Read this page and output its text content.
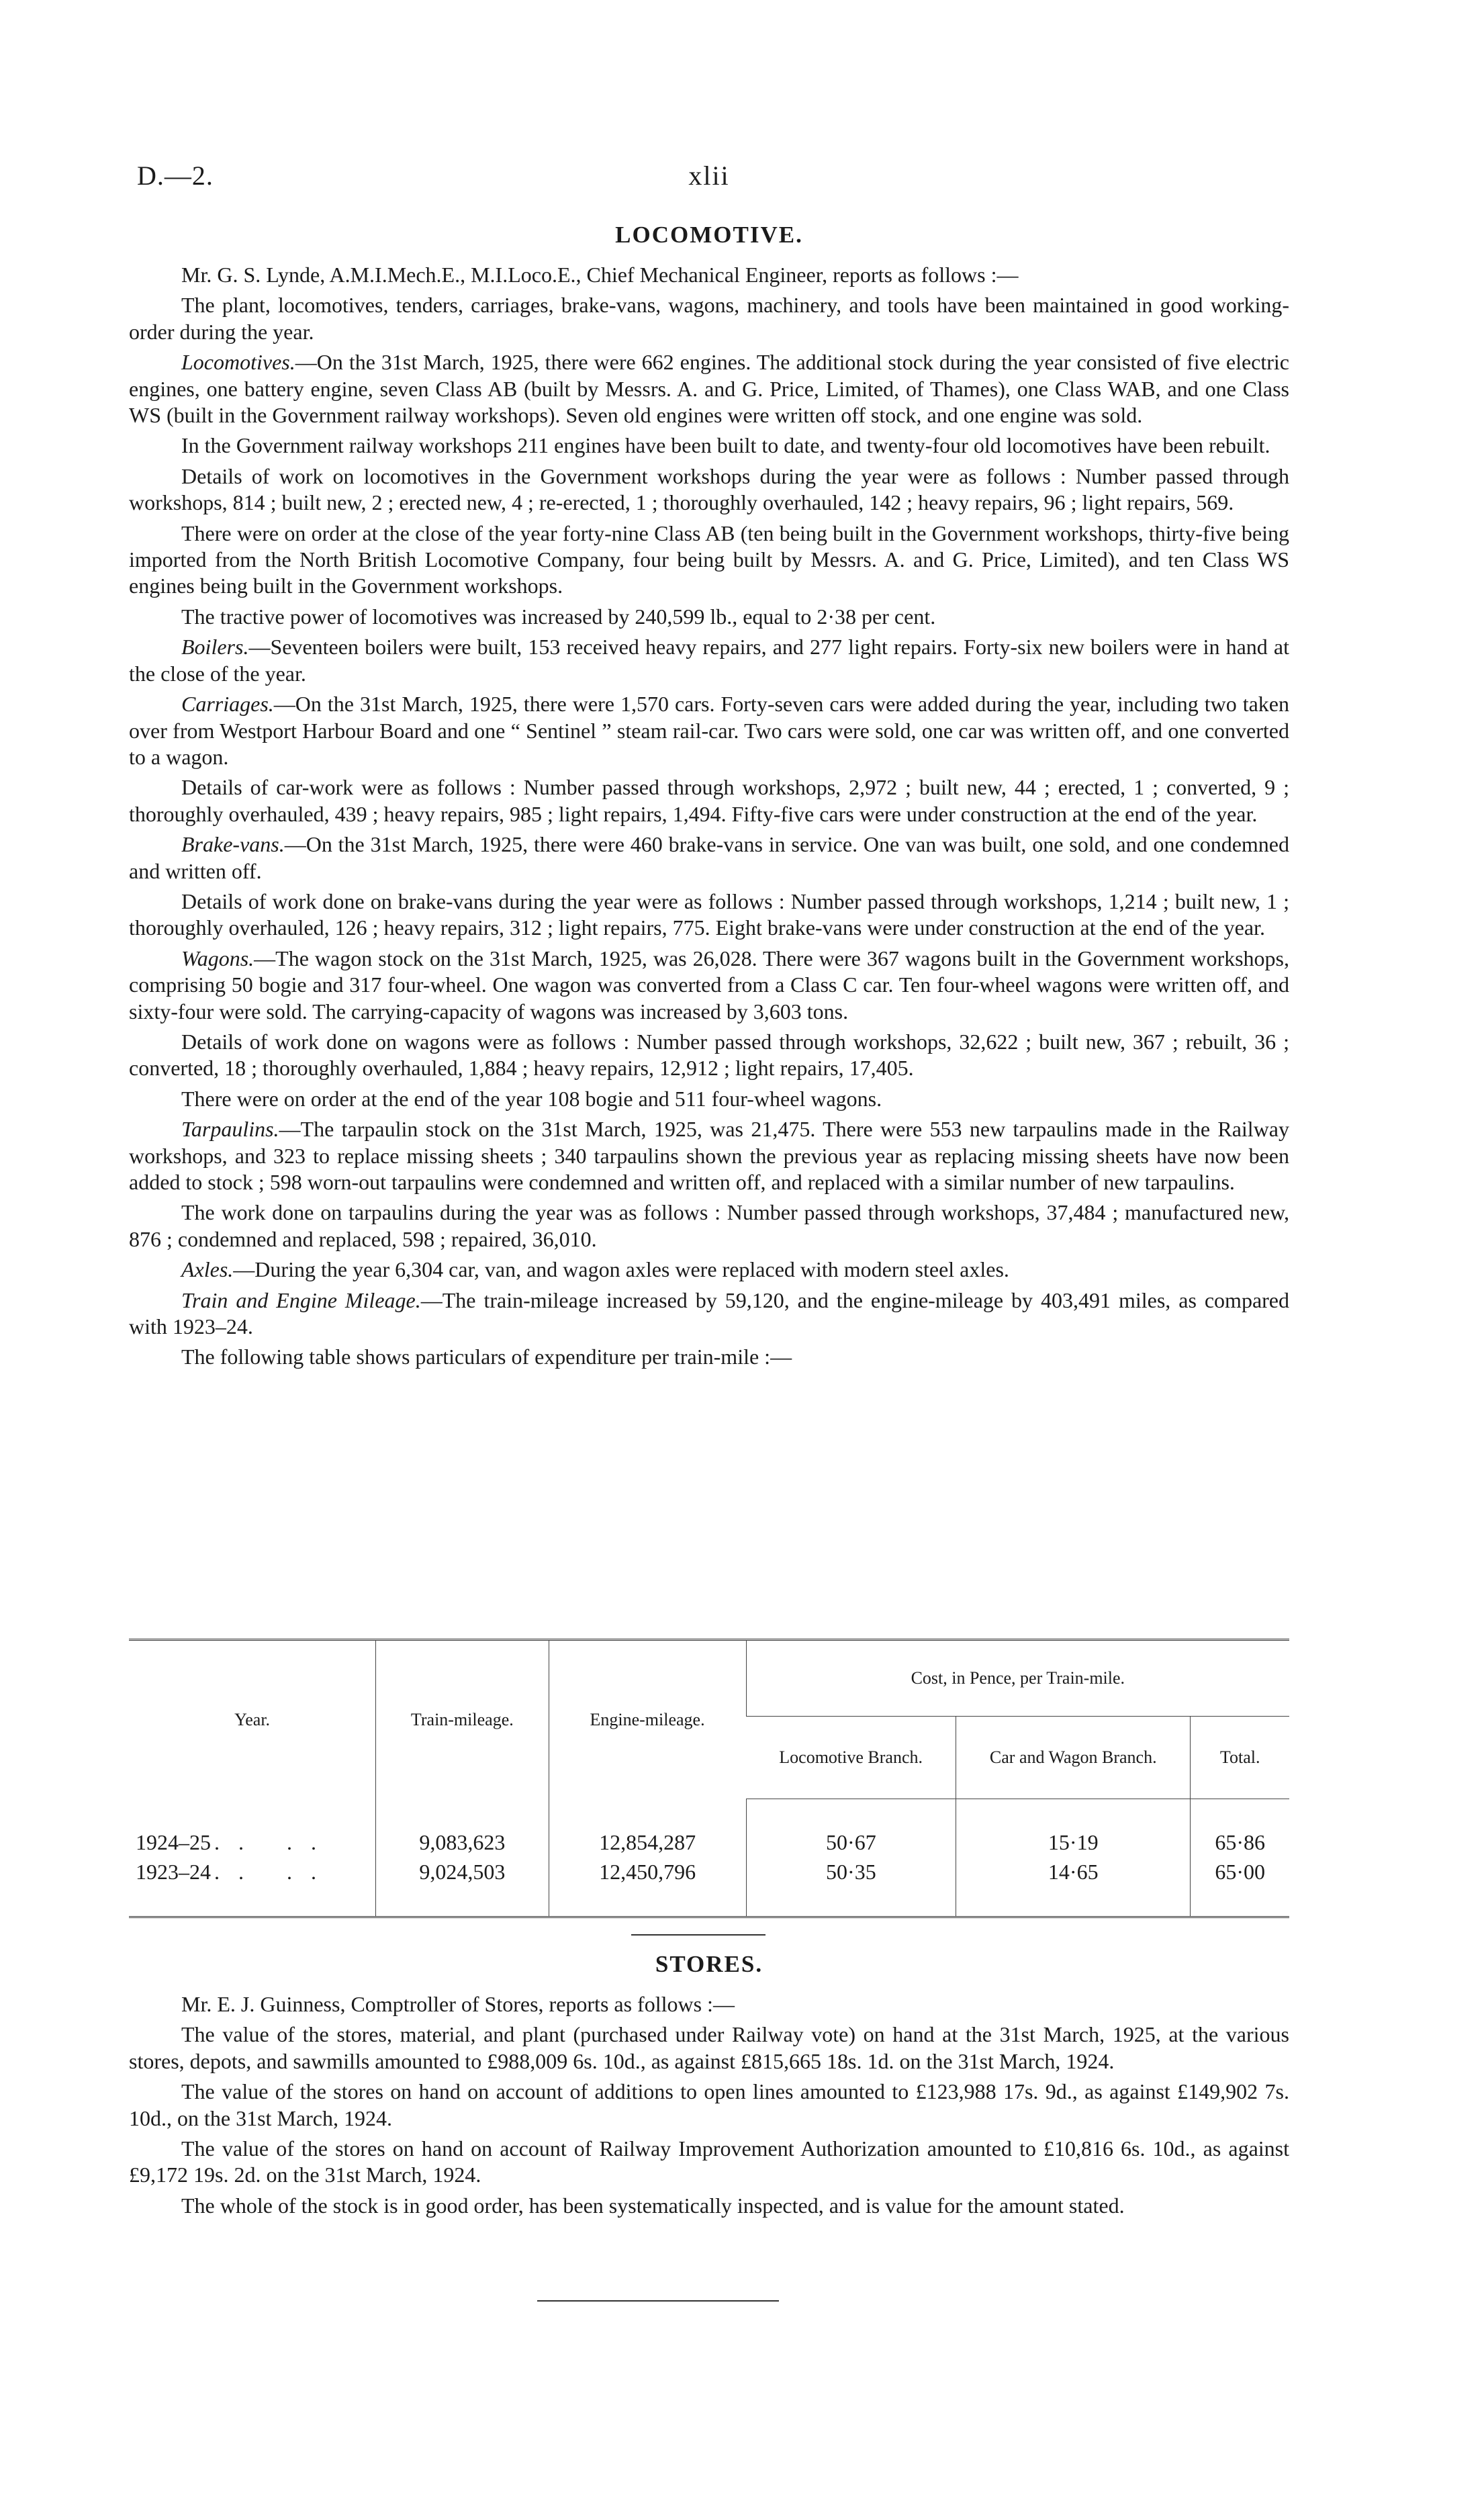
D.—2.	xlii
LOCOMOTIVE.

Mr. G. S. Lynde, A.M.I.Mech.E., M.I.Loco.E., Chief Mechanical Engineer, reports as follows :—

The plant, locomotives, tenders, carriages, brake-vans, wagons, machinery, and tools have been maintained in good working-order during the year.

Locomotives.—On the 31st March, 1925, there were 662 engines. The additional stock during the year consisted of five electric engines, one battery engine, seven Class AB (built by Messrs. A. and G. Price, Limited, of Thames), one Class WAB, and one Class WS (built in the Government railway workshops). Seven old engines were written off stock, and one engine was sold.

In the Government railway workshops 211 engines have been built to date, and twenty-four old locomotives have been rebuilt.

Details of work on locomotives in the Government workshops during the year were as follows : Number passed through workshops, 814 ; built new, 2 ; erected new, 4 ; re-erected, 1 ; thoroughly overhauled, 142 ; heavy repairs, 96 ; light repairs, 569.

There were on order at the close of the year forty-nine Class AB (ten being built in the Government workshops, thirty-five being imported from the North British Locomotive Company, four being built by Messrs. A. and G. Price, Limited), and ten Class WS engines being built in the Government workshops.

The tractive power of locomotives was increased by 240,599 lb., equal to 2·38 per cent.

Boilers.—Seventeen boilers were built, 153 received heavy repairs, and 277 light repairs. Forty-six new boilers were in hand at the close of the year.

Carriages.—On the 31st March, 1925, there were 1,570 cars. Forty-seven cars were added during the year, including two taken over from Westport Harbour Board and one “ Sentinel ” steam rail-car. Two cars were sold, one car was written off, and one converted to a wagon.

Details of car-work were as follows : Number passed through workshops, 2,972 ; built new, 44 ; erected, 1 ; converted, 9 ; thoroughly overhauled, 439 ; heavy repairs, 985 ; light repairs, 1,494. Fifty-five cars were under construction at the end of the year.

Brake-vans.—On the 31st March, 1925, there were 460 brake-vans in service. One van was built, one sold, and one condemned and written off.

Details of work done on brake-vans during the year were as follows : Number passed through workshops, 1,214 ; built new, 1 ; thoroughly overhauled, 126 ; heavy repairs, 312 ; light repairs, 775. Eight brake-vans were under construction at the end of the year.

Wagons.—The wagon stock on the 31st March, 1925, was 26,028. There were 367 wagons built in the Government workshops, comprising 50 bogie and 317 four-wheel. One wagon was converted from a Class C car. Ten four-wheel wagons were written off, and sixty-four were sold. The carrying-capacity of wagons was increased by 3,603 tons.

Details of work done on wagons were as follows : Number passed through workshops, 32,622 ; built new, 367 ; rebuilt, 36 ; converted, 18 ; thoroughly overhauled, 1,884 ; heavy repairs, 12,912 ; light repairs, 17,405.

There were on order at the end of the year 108 bogie and 511 four-wheel wagons.

Tarpaulins.—The tarpaulin stock on the 31st March, 1925, was 21,475. There were 553 new tarpaulins made in the Railway workshops, and 323 to replace missing sheets ; 340 tarpaulins shown the previous year as replacing missing sheets have now been added to stock ; 598 worn-out tarpaulins were condemned and written off, and replaced with a similar number of new tarpaulins.

The work done on tarpaulins during the year was as follows : Number passed through workshops, 37,484 ; manufactured new, 876 ; condemned and replaced, 598 ; repaired, 36,010.

Axles.—During the year 6,304 car, van, and wagon axles were replaced with modern steel axles.

Train and Engine Mileage.—The train-mileage increased by 59,120, and the engine-mileage by 403,491 miles, as compared with 1923–24.

The following table shows particulars of expenditure per train-mile :—

Year.	Train-mileage.	Engine-mileage.	Cost, in Pence, per Train-mile.		
			Locomotive Branch.	Car and Wagon Branch.	Total.
1924–25 .. ..	9,083,623	12,854,287	50·67	15·19	65·86
1923–24 .. ..	9,024,503	12,450,796	50·35	14·65	65·00
STORES.

Mr. E. J. Guinness, Comptroller of Stores, reports as follows :—

The value of the stores, material, and plant (purchased under Railway vote) on hand at the 31st March, 1925, at the various stores, depots, and sawmills amounted to £988,009 6s. 10d., as against £815,665 18s. 1d. on the 31st March, 1924.

The value of the stores on hand on account of additions to open lines amounted to £123,988 17s. 9d., as against £149,902 7s. 10d., on the 31st March, 1924.

The value of the stores on hand on account of Railway Improvement Authorization amounted to £10,816 6s. 10d., as against £9,172 19s. 2d. on the 31st March, 1924.

The whole of the stock is in good order, has been systematically inspected, and is value for the amount stated.
